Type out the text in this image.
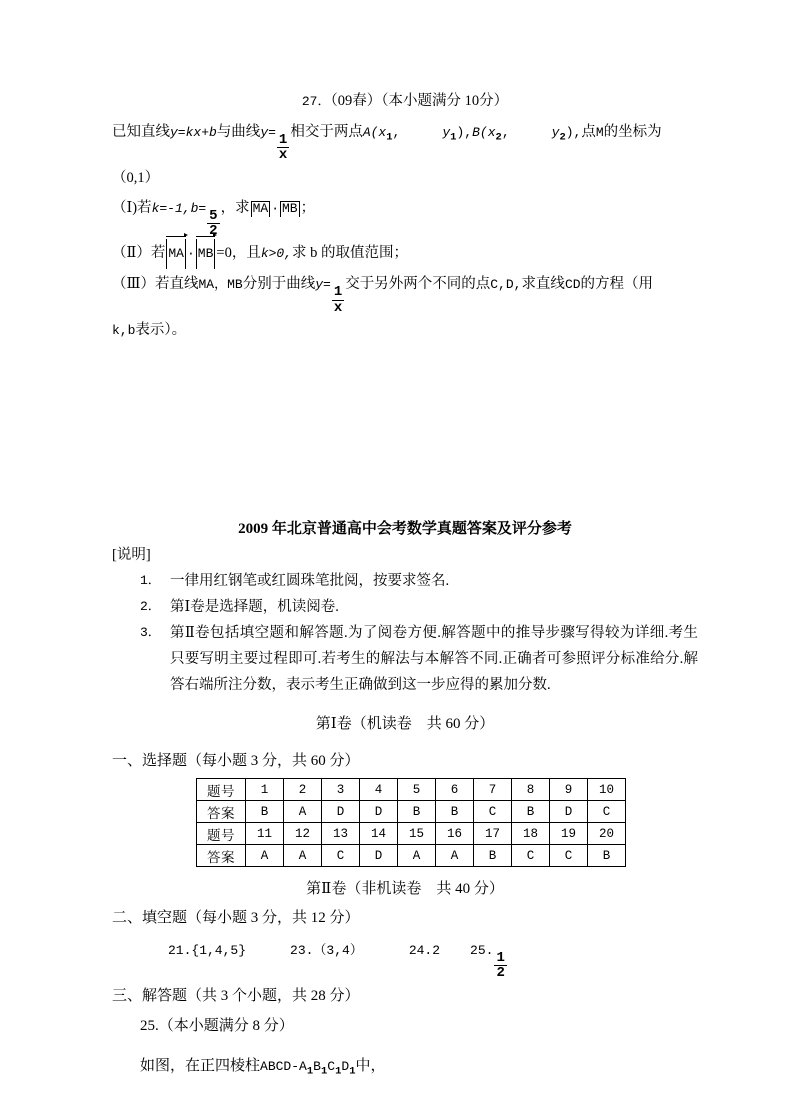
27．（09春）（本小题满分 10分）
已知直线y=kx+b与曲线y=
$\frac{1}{x}$
相交于两点$A(x_1$,	$y_1),B(x_2$,	$y_2$),点M的坐标为
（0,1）
（Ⅰ)若k=-1,b=
$\frac{5}{2}$
，求 MA · MB ；
（Ⅱ）若 MA · MB =0，且k>0,求 b 的取值范围；
（Ⅲ）若直线MA，MB分别于曲线y=
$\frac{1}{x}$
交于另外两个不同的点C,D,求直线CD的方程（用
k,b表示）。
2009 年北京普通高中会考数学真题答案及评分参考
[说明]
1． 一律用红钢笔或红圆珠笔批阅，按要求签名.
2． 第Ⅰ卷是选择题，机读阅卷.
3． 第Ⅱ卷包括填空题和解答题.为了阅卷方便.解答题中的推导步骤写得较为详细.考生只要写明主要过程即可.若考生的解法与本解答不同.正确者可参照评分标准给分.解答右端所注分数，表示考生正确做到这一步应得的累加分数.
第Ⅰ卷（机读卷　共 60 分）
一、选择题（每小题 3 分，共 60 分）
题号	1	2	3	4	5	6	7	8	9	10
答案	B	A	D	D	B	B	C	B	D	C
题号	11	12	13	14	15	16	17	18	19	20
答案	A	A	C	D	A	A	B	C	C	B
第Ⅱ卷（非机读卷　共 40 分）
二、填空题（每小题 3 分，共 12 分）
21.{1,4,5}	23.（3,4）	24.2 25.
$\frac{1}{2}$
三、解答题（共 3 个小题，共 28 分）
25.（本小题满分 8 分）
如图，在正四棱柱ABCD-$A_1B_1C_1D_1$中，
